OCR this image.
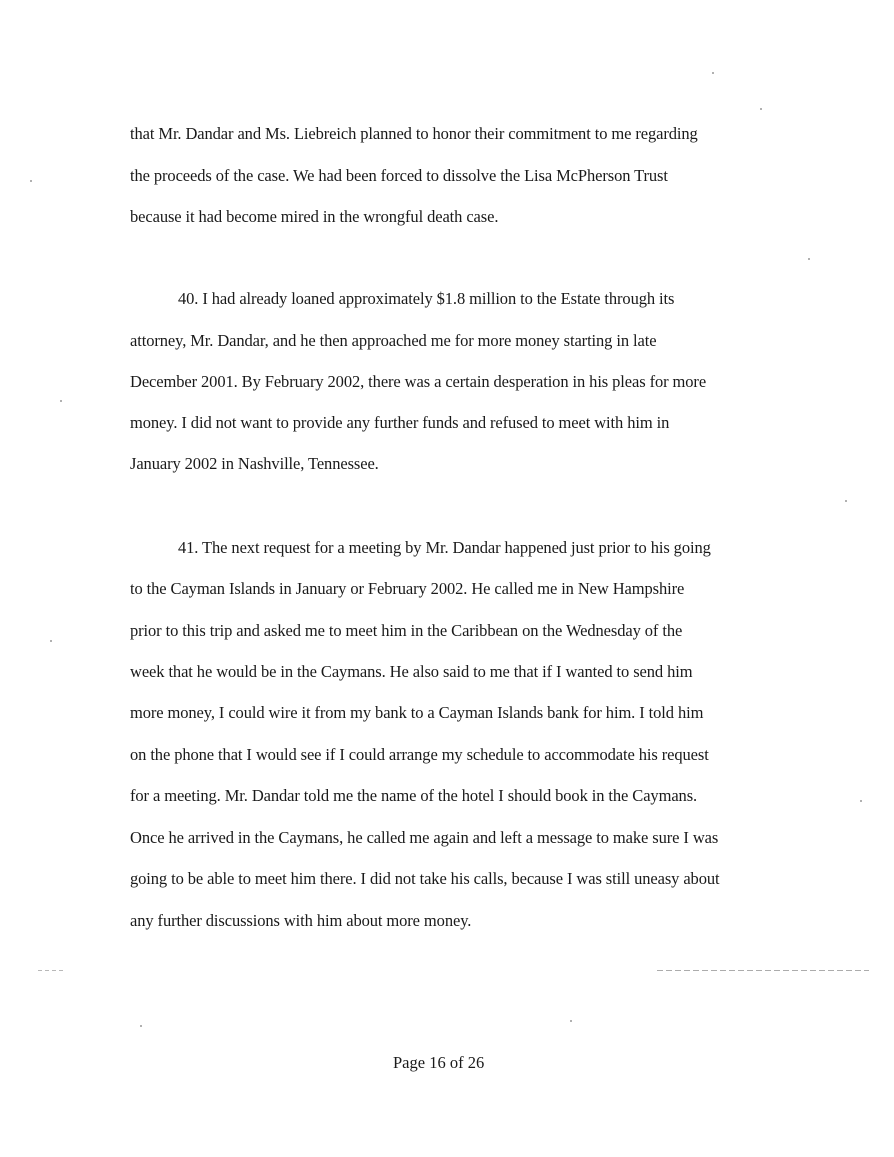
that Mr. Dandar and Ms. Liebreich planned to honor their commitment to me regarding
the proceeds of the case. We had been forced to dissolve the Lisa McPherson Trust
because it had become mired in the wrongful death case.
40. I had already loaned approximately $1.8 million to the Estate through its
attorney, Mr. Dandar, and he then approached me for more money starting in late
December 2001. By February 2002, there was a certain desperation in his pleas for more
money. I did not want to provide any further funds and refused to meet with him in
January 2002 in Nashville, Tennessee.
41. The next request for a meeting by Mr. Dandar happened just prior to his going
to the Cayman Islands in January or February 2002. He called me in New Hampshire
prior to this trip and asked me to meet him in the Caribbean on the Wednesday of the
week that he would be in the Caymans. He also said to me that if I wanted to send him
more money, I could wire it from my bank to a Cayman Islands bank for him. I told him
on the phone that I would see if I could arrange my schedule to accommodate his request
for a meeting. Mr. Dandar told me the name of the hotel I should book in the Caymans.
Once he arrived in the Caymans, he called me again and left a message to make sure I was
going to be able to meet him there. I did not take his calls, because I was still uneasy about
any further discussions with him about more money.
Page 16 of 26
